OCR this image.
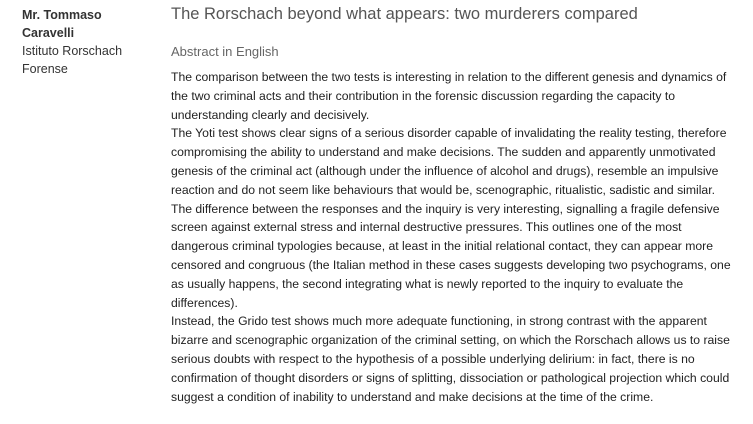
Mr. Tommaso Caravelli
Istituto Rorschach Forense
The Rorschach beyond what appears: two murderers compared
Abstract in English

The comparison between the two tests is interesting in relation to the different genesis and dynamics of the two criminal acts and their contribution in the forensic discussion regarding the capacity to understanding clearly and decisively.

The Yoti test shows clear signs of a serious disorder capable of invalidating the reality testing, therefore compromising the ability to understand and make decisions. The sudden and apparently unmotivated genesis of the criminal act (although under the influence of alcohol and drugs), resemble an impulsive reaction and do not seem like behaviours that would be, scenographic, ritualistic, sadistic and similar. The difference between the responses and the inquiry is very interesting, signalling a fragile defensive screen against external stress and internal destructive pressures. This outlines one of the most dangerous criminal typologies because, at least in the initial relational contact, they can appear more censored and congruous (the Italian method in these cases suggests developing two psychograms, one as usually happens, the second integrating what is newly reported to the inquiry to evaluate the differences).

Instead, the Grido test shows much more adequate functioning, in strong contrast with the apparent bizarre and scenographic organization of the criminal setting, on which the Rorschach allows us to raise serious doubts with respect to the hypothesis of a possible underlying delirium: in fact, there is no confirmation of thought disorders or signs of splitting, dissociation or pathological projection which could suggest a condition of inability to understand and make decisions at the time of the crime.
